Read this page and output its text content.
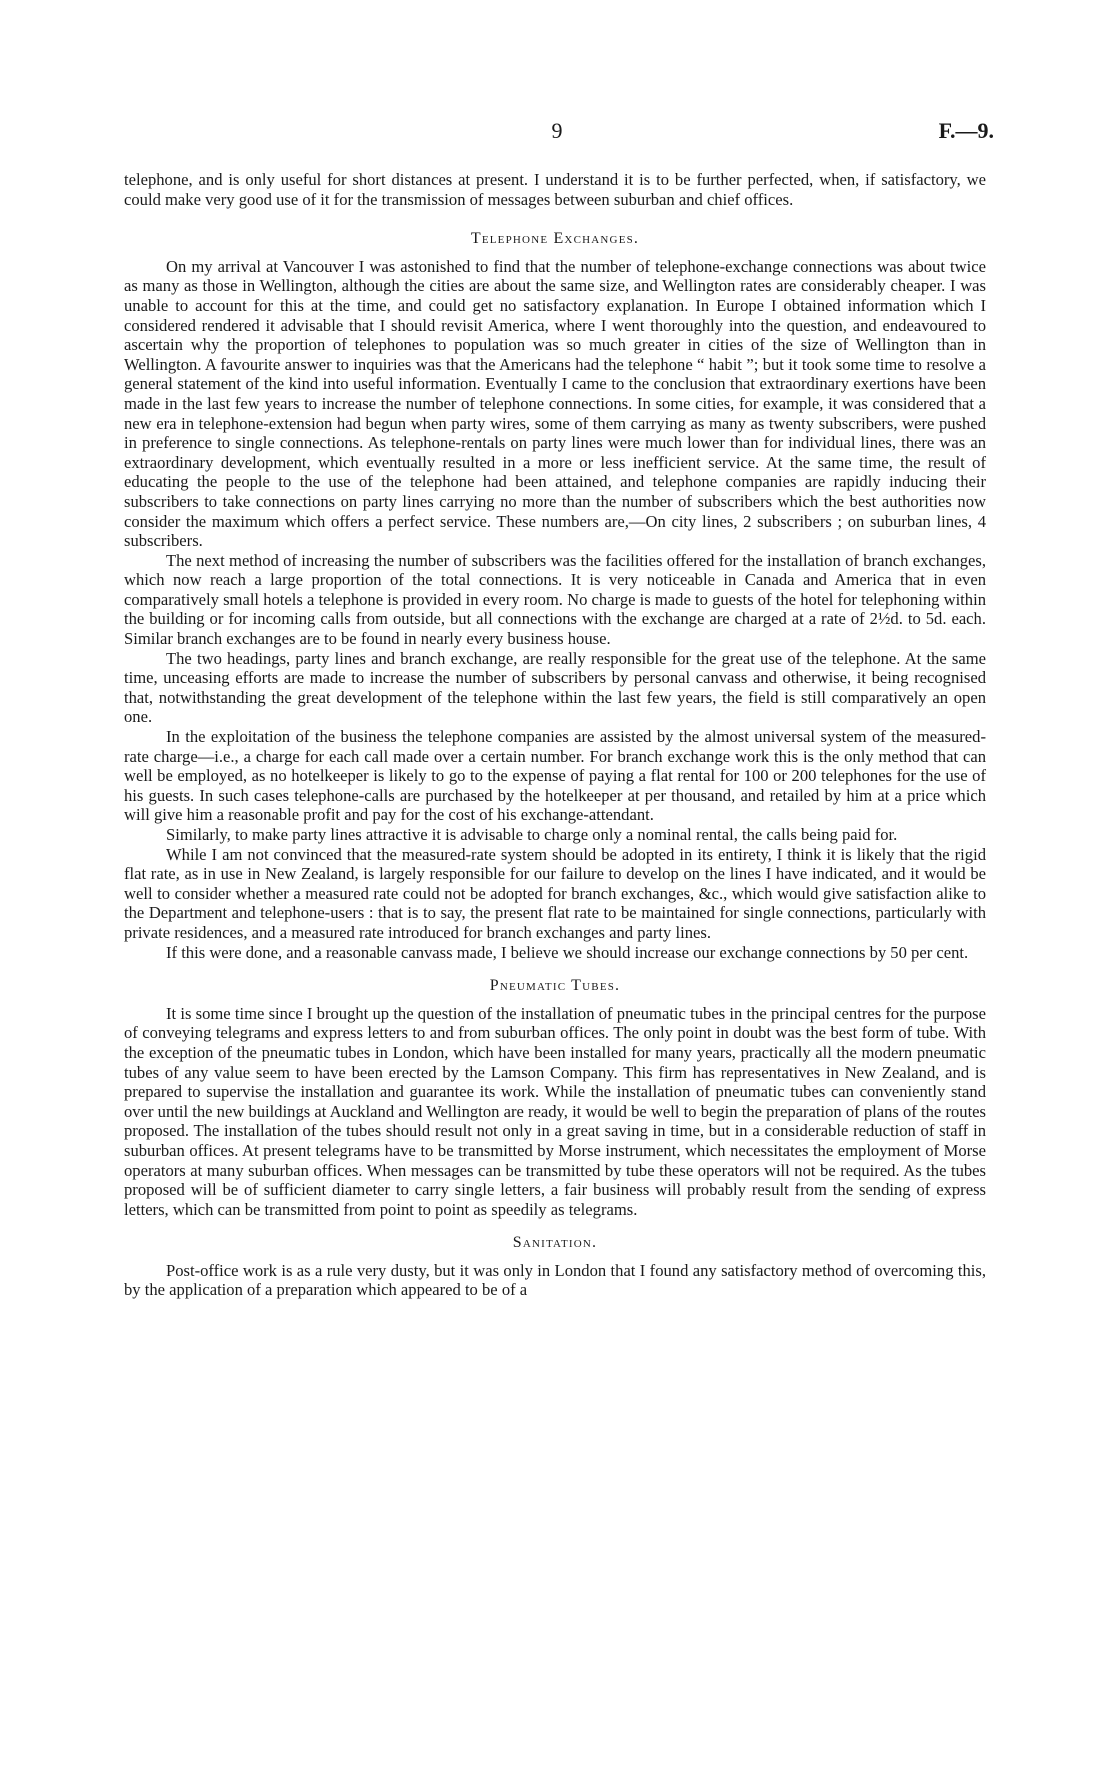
9	F.—9.

telephone, and is only useful for short distances at present. I understand it is to be further perfected, when, if satisfactory, we could make very good use of it for the transmission of messages between suburban and chief offices.

Telephone Exchanges.

On my arrival at Vancouver I was astonished to find that the number of telephone-exchange connections was about twice as many as those in Wellington, although the cities are about the same size, and Wellington rates are considerably cheaper. I was unable to account for this at the time, and could get no satisfactory explanation. In Europe I obtained information which I considered rendered it advisable that I should revisit America, where I went thoroughly into the question, and endeavoured to ascertain why the proportion of telephones to population was so much greater in cities of the size of Wellington than in Wellington. A favourite answer to inquiries was that the Americans had the telephone “ habit ”; but it took some time to resolve a general statement of the kind into useful information. Eventually I came to the conclusion that extraordinary exertions have been made in the last few years to increase the number of telephone connections. In some cities, for example, it was considered that a new era in telephone-extension had begun when party wires, some of them carrying as many as twenty subscribers, were pushed in preference to single connections. As telephone-rentals on party lines were much lower than for individual lines, there was an extraordinary development, which eventually resulted in a more or less inefficient service. At the same time, the result of educating the people to the use of the telephone had been attained, and telephone companies are rapidly inducing their subscribers to take connections on party lines carrying no more than the number of subscribers which the best authorities now consider the maximum which offers a perfect service. These numbers are,—On city lines, 2 subscribers ; on suburban lines, 4 subscribers.

The next method of increasing the number of subscribers was the facilities offered for the installation of branch exchanges, which now reach a large proportion of the total connections. It is very noticeable in Canada and America that in even comparatively small hotels a telephone is provided in every room. No charge is made to guests of the hotel for telephoning within the building or for incoming calls from outside, but all connections with the exchange are charged at a rate of 2½d. to 5d. each. Similar branch exchanges are to be found in nearly every business house.

The two headings, party lines and branch exchange, are really responsible for the great use of the telephone. At the same time, unceasing efforts are made to increase the number of subscribers by personal canvass and otherwise, it being recognised that, notwithstanding the great development of the telephone within the last few years, the field is still comparatively an open one.

In the exploitation of the business the telephone companies are assisted by the almost universal system of the measured-rate charge—i.e., a charge for each call made over a certain number. For branch exchange work this is the only method that can well be employed, as no hotelkeeper is likely to go to the expense of paying a flat rental for 100 or 200 telephones for the use of his guests. In such cases telephone-calls are purchased by the hotelkeeper at per thousand, and retailed by him at a price which will give him a reasonable profit and pay for the cost of his exchange-attendant.

Similarly, to make party lines attractive it is advisable to charge only a nominal rental, the calls being paid for.

While I am not convinced that the measured-rate system should be adopted in its entirety, I think it is likely that the rigid flat rate, as in use in New Zealand, is largely responsible for our failure to develop on the lines I have indicated, and it would be well to consider whether a measured rate could not be adopted for branch exchanges, &c., which would give satisfaction alike to the Department and telephone-users : that is to say, the present flat rate to be maintained for single connections, particularly with private residences, and a measured rate introduced for branch exchanges and party lines.

If this were done, and a reasonable canvass made, I believe we should increase our exchange connections by 50 per cent.

Pneumatic Tubes.

It is some time since I brought up the question of the installation of pneumatic tubes in the principal centres for the purpose of conveying telegrams and express letters to and from suburban offices. The only point in doubt was the best form of tube. With the exception of the pneumatic tubes in London, which have been installed for many years, practically all the modern pneumatic tubes of any value seem to have been erected by the Lamson Company. This firm has representatives in New Zealand, and is prepared to supervise the installation and guarantee its work. While the installation of pneumatic tubes can conveniently stand over until the new buildings at Auckland and Wellington are ready, it would be well to begin the preparation of plans of the routes proposed. The installation of the tubes should result not only in a great saving in time, but in a considerable reduction of staff in suburban offices. At present telegrams have to be transmitted by Morse instrument, which necessitates the employment of Morse operators at many suburban offices. When messages can be transmitted by tube these operators will not be required. As the tubes proposed will be of sufficient diameter to carry single letters, a fair business will probably result from the sending of express letters, which can be transmitted from point to point as speedily as telegrams.

Sanitation.

Post-office work is as a rule very dusty, but it was only in London that I found any satisfactory method of overcoming this, by the application of a preparation which appeared to be of a
